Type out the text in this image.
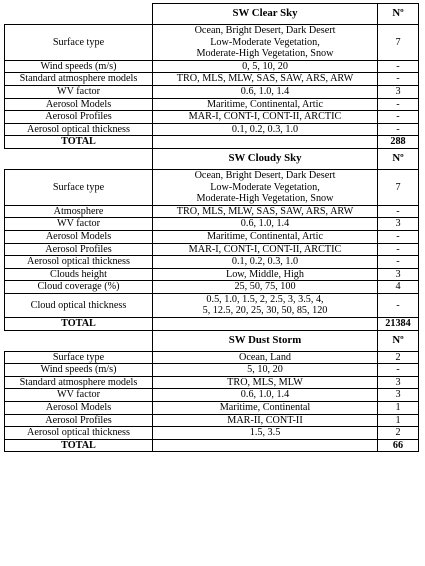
	SW Clear Sky	Nº
Surface type	Ocean, Bright Desert, Dark Desert
Low-Moderate Vegetation,
Moderate-High Vegetation, Snow	7
Wind speeds (m/s)	0, 5, 10, 20	-
Standard atmosphere models	TRO, MLS, MLW, SAS, SAW, ARS, ARW	-
WV factor	0.6, 1.0, 1.4	3
Aerosol Models	Maritime, Continental, Artic	-
Aerosol Profiles	MAR-I, CONT-I, CONT-II, ARCTIC	-
Aerosol optical thickness	0.1, 0.2, 0.3, 1.0	-
TOTAL		288
	SW Cloudy Sky	Nº
Surface type	Ocean, Bright Desert, Dark Desert
Low-Moderate Vegetation,
Moderate-High Vegetation, Snow	7
Atmosphere	TRO, MLS, MLW, SAS, SAW, ARS, ARW	-
WV factor	0.6, 1.0, 1.4	3
Aerosol Models	Maritime, Continental, Artic	-
Aerosol Profiles	MAR-I, CONT-I, CONT-II, ARCTIC	-
Aerosol optical thickness	0.1, 0.2, 0.3, 1.0	-
Clouds height	Low, Middle, High	3
Cloud coverage (%)	25, 50, 75, 100	4
Cloud optical thickness	0.5, 1.0, 1.5, 2, 2.5, 3, 3.5, 4,
5, 12.5, 20, 25, 30, 50, 85, 120	-
TOTAL		21384
	SW Dust Storm	Nº
Surface type	Ocean, Land	2
Wind speeds (m/s)	5, 10, 20	-
Standard atmosphere models	TRO, MLS, MLW	3
WV factor	0.6, 1.0, 1.4	3
Aerosol Models	Maritime, Continental	1
Aerosol Profiles	MAR-II, CONT-II	1
Aerosol optical thickness	1.5, 3.5	2
TOTAL		66
